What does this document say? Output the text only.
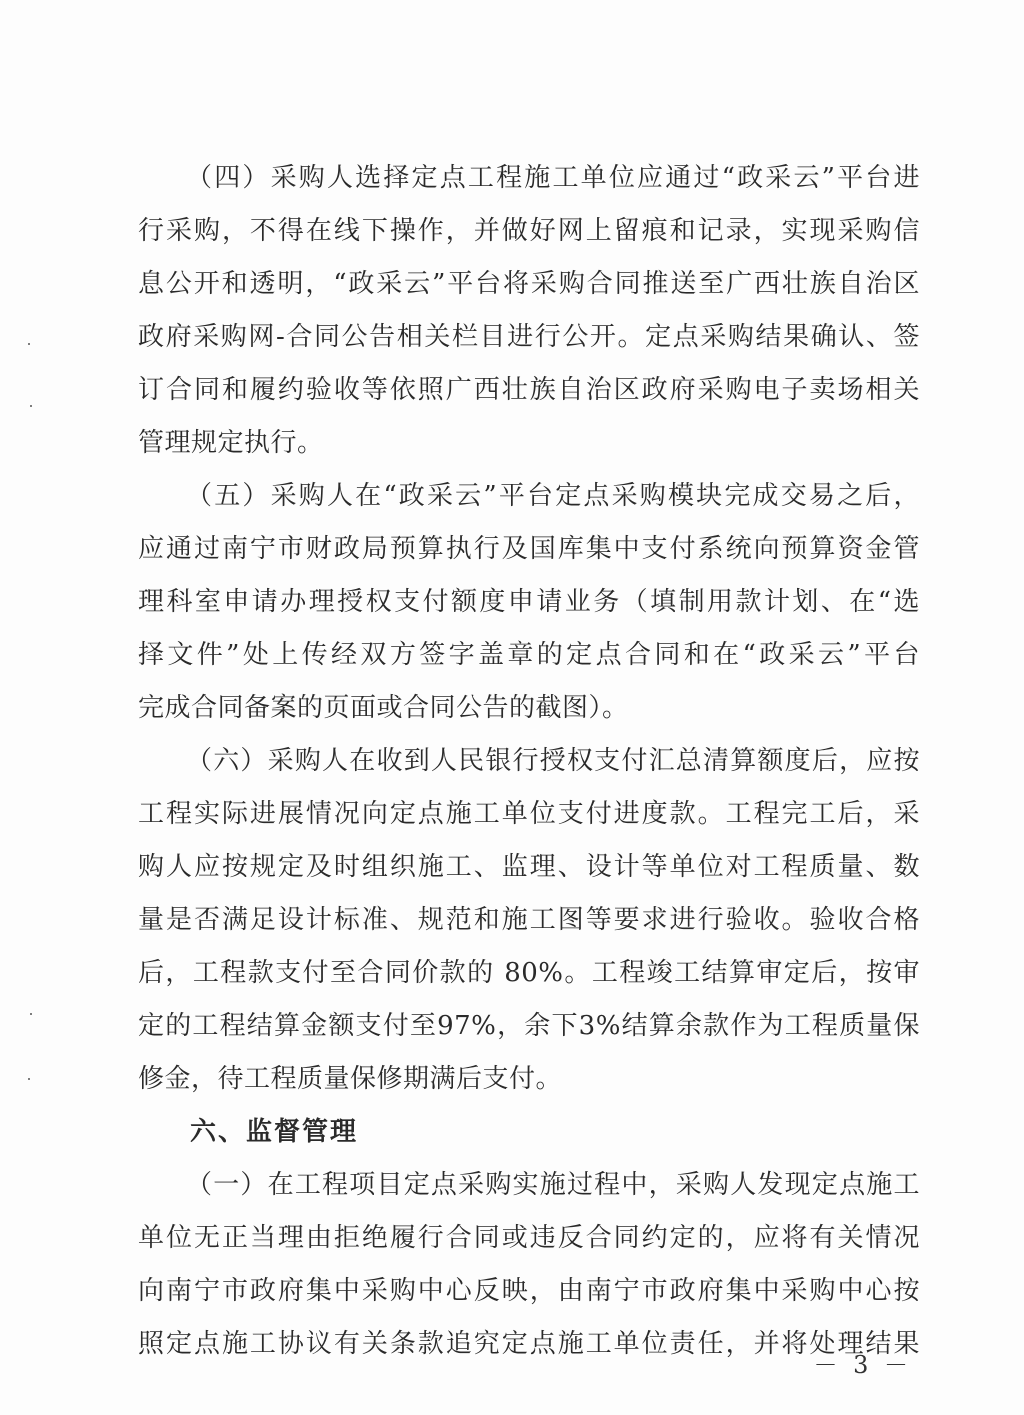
（四）采购人选择定点工程施工单位应通过“政采云”平台进
行采购，不得在线下操作，并做好网上留痕和记录，实现采购信
息公开和透明，“政采云”平台将采购合同推送至广西壮族自治区
政府采购网-合同公告相关栏目进行公开。定点采购结果确认、签
订合同和履约验收等依照广西壮族自治区政府采购电子卖场相关
管理规定执行。
（五）采购人在“政采云”平台定点采购模块完成交易之后，
应通过南宁市财政局预算执行及国库集中支付系统向预算资金管
理科室申请办理授权支付额度申请业务（填制用款计划、在“选
择文件”处上传经双方签字盖章的定点合同和在“政采云”平台
完成合同备案的页面或合同公告的截图）。
（六）采购人在收到人民银行授权支付汇总清算额度后，应按
工程实际进展情况向定点施工单位支付进度款。工程完工后，采
购人应按规定及时组织施工、监理、设计等单位对工程质量、数
量是否满足设计标准、规范和施工图等要求进行验收。验收合格
后，工程款支付至合同价款的 80%。工程竣工结算审定后，按审
定的工程结算金额支付至97%，余下3%结算余款作为工程质量保
修金，待工程质量保修期满后支付。
六、监督管理
（一）在工程项目定点采购实施过程中，采购人发现定点施工
单位无正当理由拒绝履行合同或违反合同约定的，应将有关情况
向南宁市政府集中采购中心反映，由南宁市政府集中采购中心按
照定点施工协议有关条款追究定点施工单位责任，并将处理结果
－ 3 －
